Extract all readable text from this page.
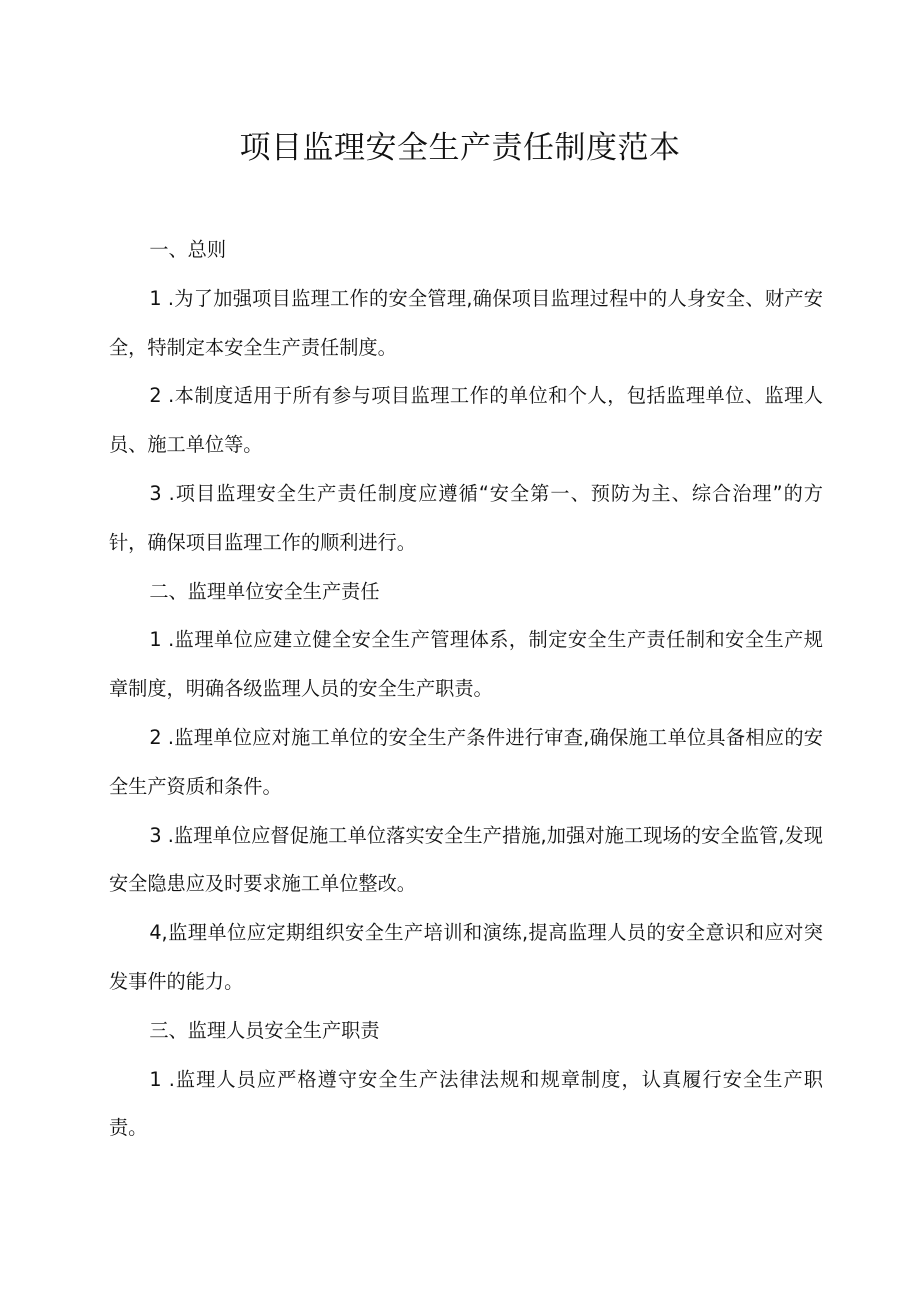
项目监理安全生产责任制度范本

一、总则

1 .为了加强项目监理工作的安全管理,确保项目监理过程中的人身安全、财产安全，特制定本安全生产责任制度。

2 .本制度适用于所有参与项目监理工作的单位和个人，包括监理单位、监理人员、施工单位等。

3 .项目监理安全生产责任制度应遵循“安全第一、预防为主、综合治理”的方针，确保项目监理工作的顺利进行。

二、监理单位安全生产责任

1 .监理单位应建立健全安全生产管理体系，制定安全生产责任制和安全生产规章制度，明确各级监理人员的安全生产职责。

2 .监理单位应对施工单位的安全生产条件进行审查,确保施工单位具备相应的安全生产资质和条件。

3 .监理单位应督促施工单位落实安全生产措施,加强对施工现场的安全监管,发现安全隐患应及时要求施工单位整改。

4,监理单位应定期组织安全生产培训和演练,提高监理人员的安全意识和应对突发事件的能力。

三、监理人员安全生产职责

1 .监理人员应严格遵守安全生产法律法规和规章制度，认真履行安全生产职责。
